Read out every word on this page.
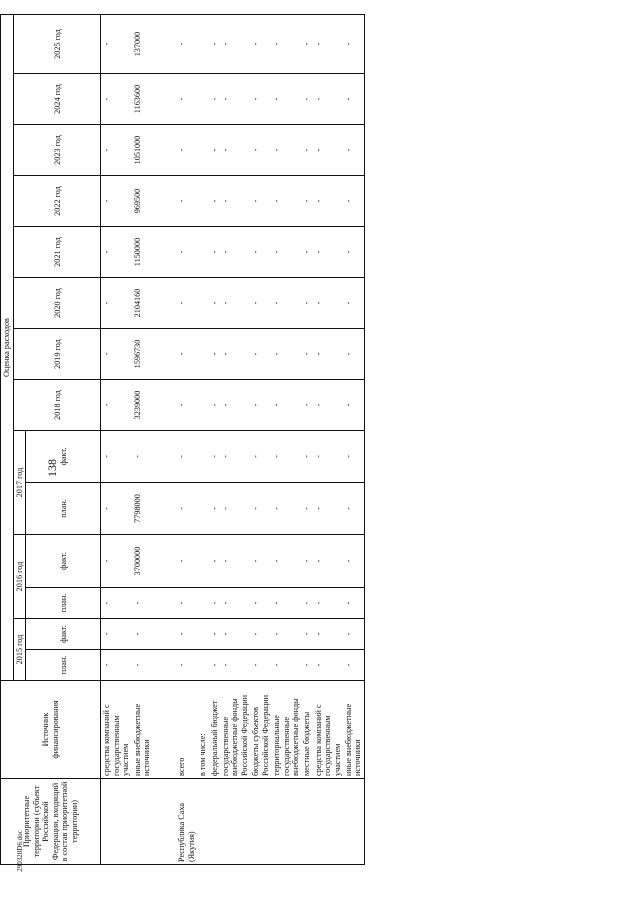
138
290320D6.doc
Приоритетные территории (субъект Российской Федерации, входящий в состав приоритетной территории)	Источник финансирования	Оценка расходов													
		2015 год		2016 год		2017 год		2018 год	2019 год	2020 год	2021 год	2022 год	2023 год	2024 год	2025 год
		план.	факт.	план.	факт.	план.	факт.								
	средства компаний с государственным участием	-	-	-	-	-	-	-	-	-	-	-	-	-	-
	иные внебюджетные источники	-	-	-	3700000	7798000	-	3239000	1596730	2104160	1150000	969500	1051000	1163600	137000

Республика Саха (Якутия)	всего	-	-	-	-	-	-	-	-	-	-	-	-	-	-
	в том числе:														
	федеральный бюджет	-	-	-	-	-	-	-	-	-	-	-	-	-	-
	государственные внебюджетные фонды Российской Федерации	-	-	-	-	-	-	-	-	-	-	-	-	-	-
	бюджеты субъектов Российской Федерации	-	-	-	-	-	-	-	-	-	-	-	-	-	-
	территориальные государственные внебюджетные фонды	-	-	-	-	-	-	-	-	-	-	-	-	-	-
	местные бюджеты	-	-	-	-	-	-	-	-	-	-	-	-	-	-
	средства компаний с государственным участием	-	-	-	-	-	-	-	-	-	-	-	-	-	-
	иные внебюджетные источники	-	-	-	-	-	-	-	-	-	-	-	-	-	-
